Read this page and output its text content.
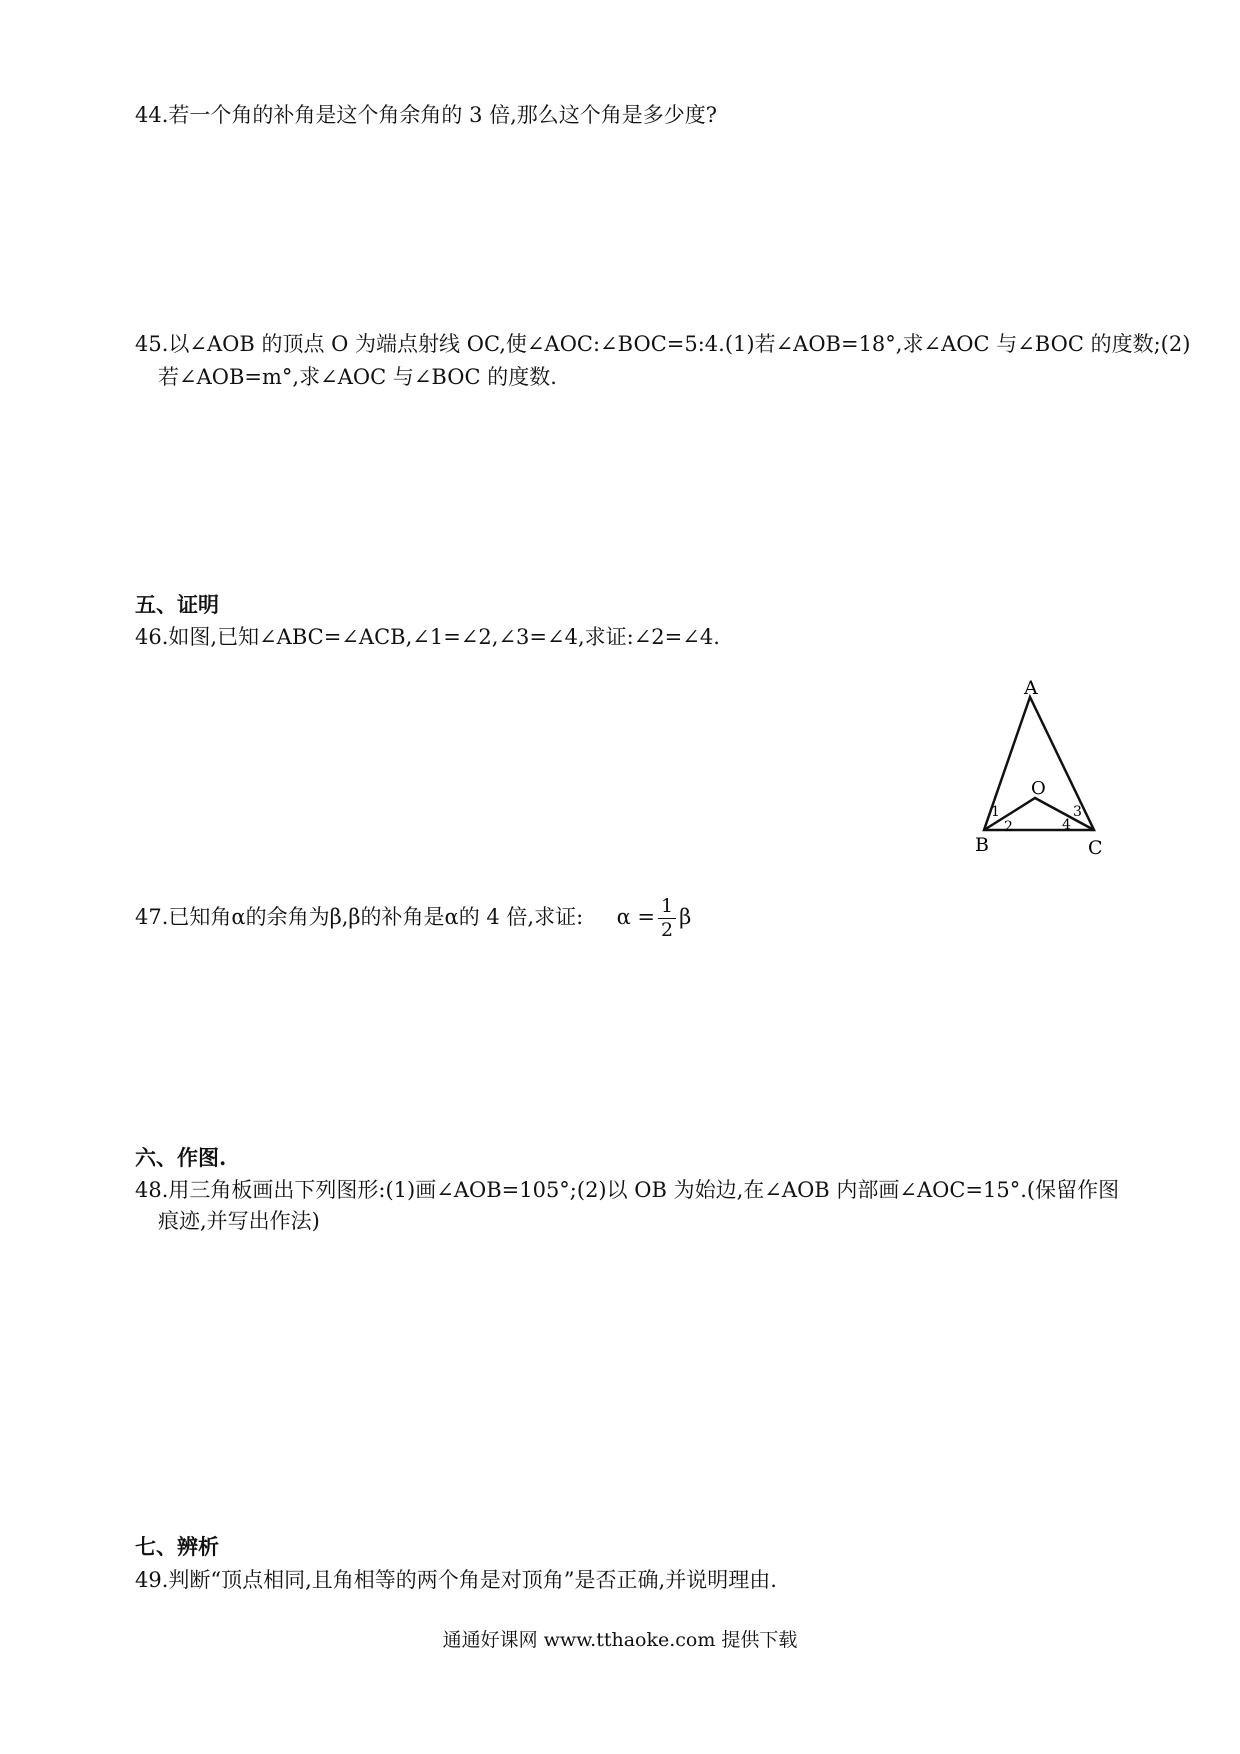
44.若一个角的补角是这个角余角的 3 倍,那么这个角是多少度?
45.以∠AOB 的顶点 O 为端点射线 OC,使∠AOC:∠BOC=5:4.(1)若∠AOB=18°,求∠AOC 与∠BOC 的度数;(2)
若∠AOB=m°,求∠AOC 与∠BOC 的度数.
五、证明
46.如图,已知∠ABC=∠ACB,∠1=∠2,∠3=∠4,求证:∠2=∠4.
A
B	C
O
1
2
3
4
47.已知角α的余角为β,β的补角是α的 4 倍,求证: $\alpha = \frac{1}{2}$ β
六、作图.
48.用三角板画出下列图形:(1)画∠AOB=105°;(2)以 OB 为始边,在∠AOB 内部画∠AOC=15°.(保留作图
痕迹,并写出作法)
七、辨析
49.判断“顶点相同,且角相等的两个角是对顶角”是否正确,并说明理由.
通通好课网 www.tthaoke.com 提供下载
